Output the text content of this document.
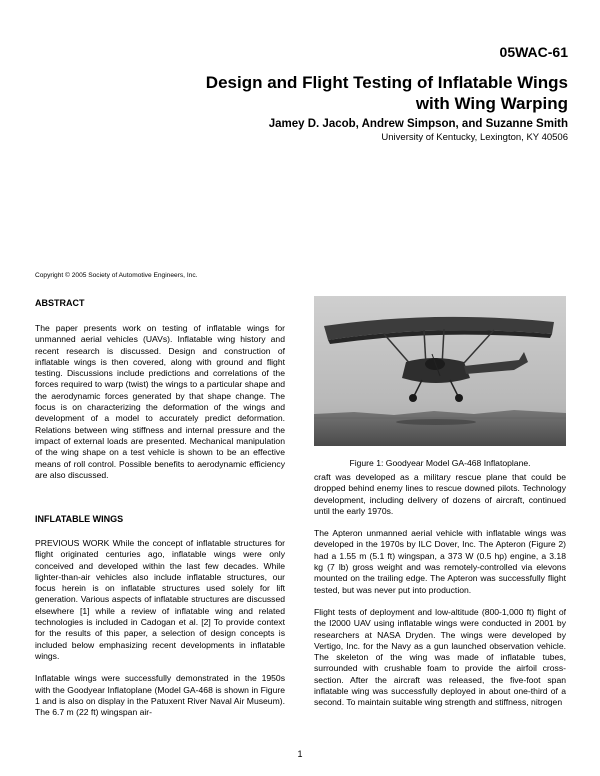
05WAC-61
Design and Flight Testing of Inflatable Wings
with Wing Warping
Jamey D. Jacob, Andrew Simpson, and Suzanne Smith
University of Kentucky, Lexington, KY 40506
Copyright © 2005 Society of Automotive Engineers, Inc.
ABSTRACT

The paper presents work on testing of inflatable wings for unmanned aerial vehicles (UAVs). Inflatable wing history and recent research is discussed. Design and construction of inflatable wings is then covered, along with ground and flight testing. Discussions include predictions and correlations of the forces required to warp (twist) the wings to a particular shape and the aerodynamic forces generated by that shape change. The focus is on characterizing the deformation of the wings and development of a model to accurately predict deformation. Relations between wing stiffness and internal pressure and the impact of external loads are presented. Mechanical manipulation of the wing shape on a test vehicle is shown to be an effective means of roll control. Possible benefits to aerodynamic efficiency are also discussed.

INFLATABLE WINGS

PREVIOUS WORK While the concept of inflatable structures for flight originated centuries ago, inflatable wings were only conceived and developed within the last few decades. While lighter-than-air vehicles also include inflatable structures, our focus herein is on inflatable structures used solely for lift generation. Various aspects of inflatable structures are discussed elsewhere [1] while a review of inflatable wing and related technologies is included in Cadogan et al. [2] To provide context for the results of this paper, a selection of design concepts is included below emphasizing recent developments in inflatable wings.

Inflatable wings were successfully demonstrated in the 1950s with the Goodyear Inflatoplane (Model GA-468 is shown in Figure 1 and is also on display in the Patuxent River Naval Air Museum). The 6.7 m (22 ft) wingspan air-

Figure 1: Goodyear Model GA-468 Inflatoplane.

craft was developed as a military rescue plane that could be dropped behind enemy lines to rescue downed pilots. Technology development, including delivery of dozens of aircraft, continued until the early 1970s.

The Apteron unmanned aerial vehicle with inflatable wings was developed in the 1970s by ILC Dover, Inc. The Apteron (Figure 2) had a 1.55 m (5.1 ft) wingspan, a 373 W (0.5 hp) engine, a 3.18 kg (7 lb) gross weight and was remotely-controlled via elevons mounted on the trailing edge. The Apteron was successfully flight tested, but was never put into production.

Flight tests of deployment and low-altitude (800-1,000 ft) flight of the I2000 UAV using inflatable wings were conducted in 2001 by researchers at NASA Dryden. The wings were developed by Vertigo, Inc. for the Navy as a gun launched observation vehicle. The skeleton of the wing was made of inflatable tubes, surrounded with crushable foam to provide the airfoil cross-section. After the aircraft was released, the five-foot span inflatable wing was successfully deployed in about one-third of a second. To maintain suitable wing strength and stiffness, nitrogen

1
